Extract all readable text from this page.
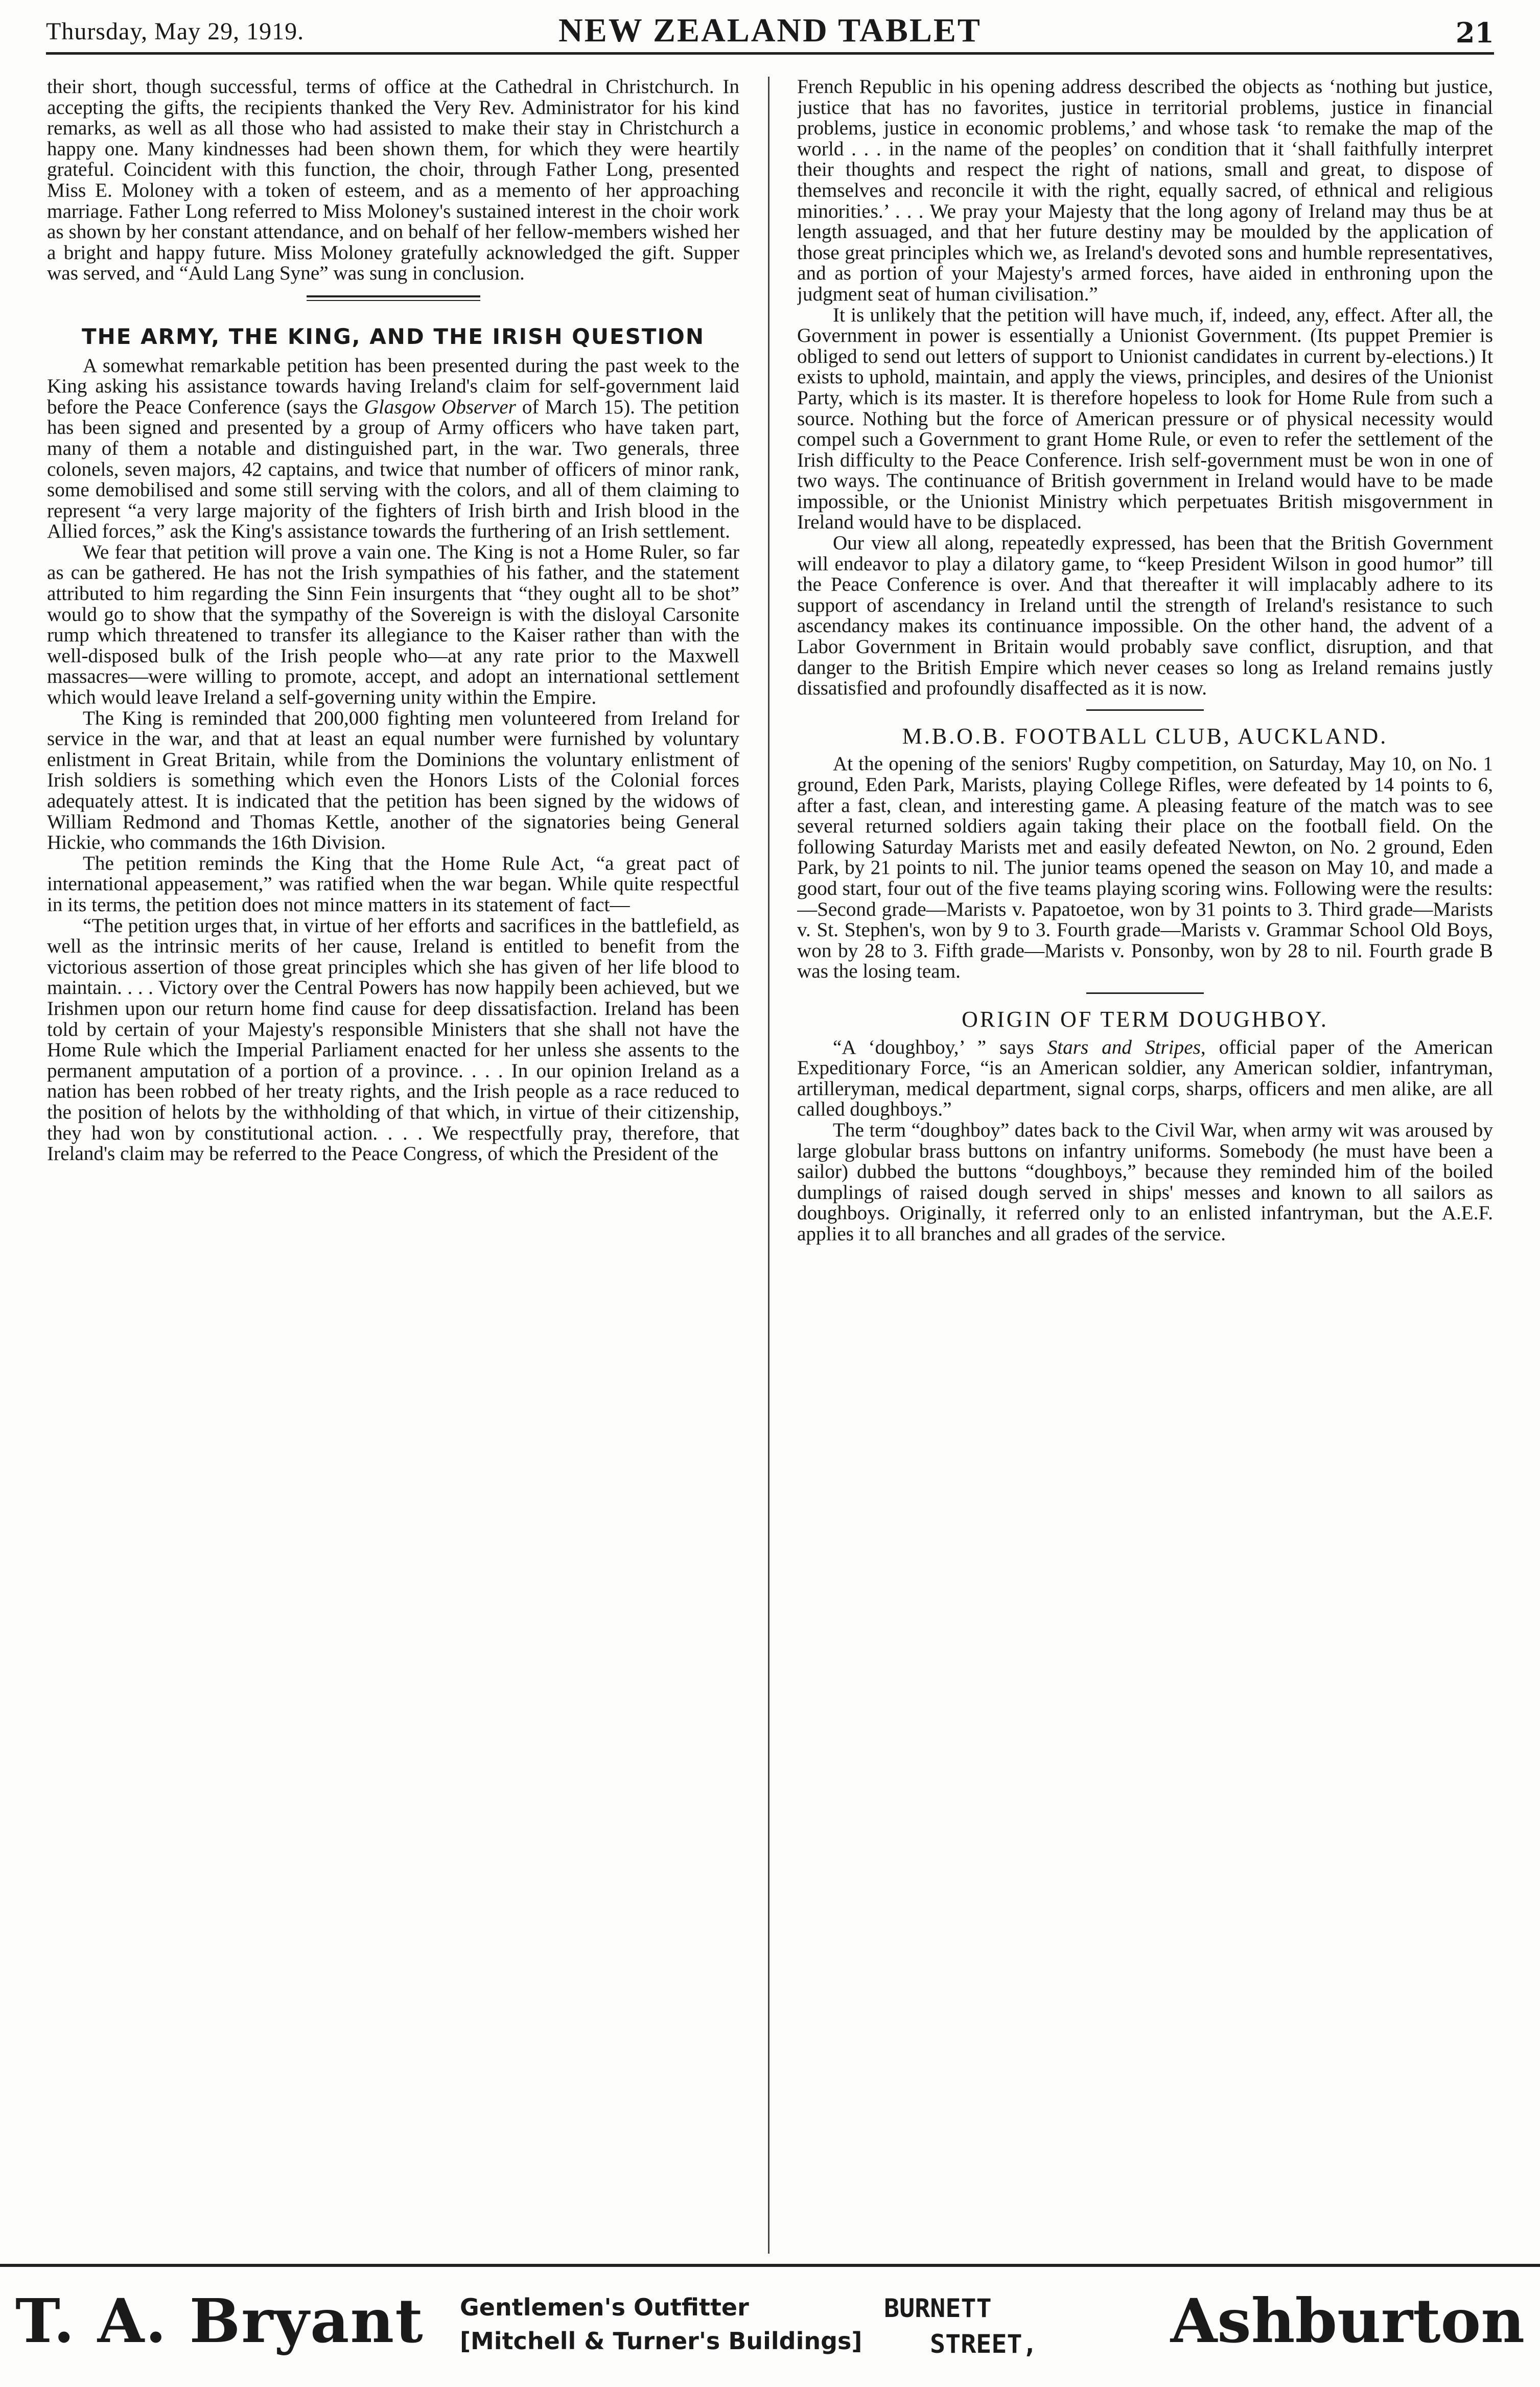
Thursday, May 29, 1919.	NEW ZEALAND TABLET	21

their short, though successful, terms of office at the Cathedral in Christchurch. In accepting the gifts, the recipients thanked the Very Rev. Administrator for his kind remarks, as well as all those who had assisted to make their stay in Christchurch a happy one. Many kindnesses had been shown them, for which they were heartily grateful. Coincident with this function, the choir, through Father Long, presented Miss E. Moloney with a token of esteem, and as a memento of her approaching marriage. Father Long referred to Miss Moloney's sustained interest in the choir work as shown by her constant attendance, and on behalf of her fellow-members wished her a bright and happy future. Miss Moloney gratefully acknowledged the gift. Supper was served, and “Auld Lang Syne” was sung in conclusion.

THE ARMY, THE KING, AND THE IRISH QUESTION

A somewhat remarkable petition has been presented during the past week to the King asking his assistance towards having Ireland's claim for self-government laid before the Peace Conference (says the Glasgow Observer of March 15). The petition has been signed and presented by a group of Army officers who have taken part, many of them a notable and distinguished part, in the war. Two generals, three colonels, seven majors, 42 captains, and twice that number of officers of minor rank, some demobilised and some still serving with the colors, and all of them claiming to represent “a very large majority of the fighters of Irish birth and Irish blood in the Allied forces,” ask the King's assistance towards the furthering of an Irish settlement.

We fear that petition will prove a vain one. The King is not a Home Ruler, so far as can be gathered. He has not the Irish sympathies of his father, and the statement attributed to him regarding the Sinn Fein insurgents that “they ought all to be shot” would go to show that the sympathy of the Sovereign is with the disloyal Carsonite rump which threatened to transfer its allegiance to the Kaiser rather than with the well-disposed bulk of the Irish people who—at any rate prior to the Maxwell massacres—were willing to promote, accept, and adopt an international settlement which would leave Ireland a self-governing unity within the Empire.

The King is reminded that 200,000 fighting men volunteered from Ireland for service in the war, and that at least an equal number were furnished by voluntary enlistment in Great Britain, while from the Dominions the voluntary enlistment of Irish soldiers is something which even the Honors Lists of the Colonial forces adequately attest. It is indicated that the petition has been signed by the widows of William Redmond and Thomas Kettle, another of the signatories being General Hickie, who commands the 16th Division.

The petition reminds the King that the Home Rule Act, “a great pact of international appeasement,” was ratified when the war began. While quite respectful in its terms, the petition does not mince matters in its statement of fact—

“The petition urges that, in virtue of her efforts and sacrifices in the battlefield, as well as the intrinsic merits of her cause, Ireland is entitled to benefit from the victorious assertion of those great principles which she has given of her life blood to maintain. . . . Victory over the Central Powers has now happily been achieved, but we Irishmen upon our return home find cause for deep dissatisfaction. Ireland has been told by certain of your Majesty's responsible Ministers that she shall not have the Home Rule which the Imperial Parliament enacted for her unless she assents to the permanent amputation of a portion of a province. . . . In our opinion Ireland as a nation has been robbed of her treaty rights, and the Irish people as a race reduced to the position of helots by the withholding of that which, in virtue of their citizenship, they had won by constitutional action. . . . We respectfully pray, therefore, that Ireland's claim may be referred to the Peace Congress, of which the President of the

French Republic in his opening address described the objects as ‘nothing but justice, justice that has no favorites, justice in territorial problems, justice in financial problems, justice in economic problems,’ and whose task ‘to remake the map of the world . . . in the name of the peoples’ on condition that it ‘shall faithfully interpret their thoughts and respect the right of nations, small and great, to dispose of themselves and reconcile it with the right, equally sacred, of ethnical and religious minorities.’ . . . We pray your Majesty that the long agony of Ireland may thus be at length assuaged, and that her future destiny may be moulded by the application of those great principles which we, as Ireland's devoted sons and humble representatives, and as portion of your Majesty's armed forces, have aided in enthroning upon the judgment seat of human civilisation.”

It is unlikely that the petition will have much, if, indeed, any, effect. After all, the Government in power is essentially a Unionist Government. (Its puppet Premier is obliged to send out letters of support to Unionist candidates in current by-elections.) It exists to uphold, maintain, and apply the views, principles, and desires of the Unionist Party, which is its master. It is therefore hopeless to look for Home Rule from such a source. Nothing but the force of American pressure or of physical necessity would compel such a Government to grant Home Rule, or even to refer the settlement of the Irish difficulty to the Peace Conference. Irish self-government must be won in one of two ways. The continuance of British government in Ireland would have to be made impossible, or the Unionist Ministry which perpetuates British misgovernment in Ireland would have to be displaced.

Our view all along, repeatedly expressed, has been that the British Government will endeavor to play a dilatory game, to “keep President Wilson in good humor” till the Peace Conference is over. And that thereafter it will implacably adhere to its support of ascendancy in Ireland until the strength of Ireland's resistance to such ascendancy makes its continuance impossible. On the other hand, the advent of a Labor Government in Britain would probably save conflict, disruption, and that danger to the British Empire which never ceases so long as Ireland remains justly dissatisfied and profoundly disaffected as it is now.

M.B.O.B. FOOTBALL CLUB, AUCKLAND.

At the opening of the seniors' Rugby competition, on Saturday, May 10, on No. 1 ground, Eden Park, Marists, playing College Rifles, were defeated by 14 points to 6, after a fast, clean, and interesting game. A pleasing feature of the match was to see several returned soldiers again taking their place on the football field. On the following Saturday Marists met and easily defeated Newton, on No. 2 ground, Eden Park, by 21 points to nil. The junior teams opened the season on May 10, and made a good start, four out of the five teams playing scoring wins. Following were the results:—Second grade—Marists v. Papatoetoe, won by 31 points to 3. Third grade—Marists v. St. Stephen's, won by 9 to 3. Fourth grade—Marists v. Grammar School Old Boys, won by 28 to 3. Fifth grade—Marists v. Ponsonby, won by 28 to nil. Fourth grade B was the losing team.

ORIGIN OF TERM DOUGHBOY.

“A ‘doughboy,’ ” says Stars and Stripes, official paper of the American Expeditionary Force, “is an American soldier, any American soldier, infantryman, artilleryman, medical department, signal corps, sharps, officers and men alike, are all called doughboys.”

The term “doughboy” dates back to the Civil War, when army wit was aroused by large globular brass buttons on infantry uniforms. Somebody (he must have been a sailor) dubbed the buttons “doughboys,” because they reminded him of the boiled dumplings of raised dough served in ships' messes and known to all sailors as doughboys. Originally, it referred only to an enlisted infantryman, but the A.E.F. applies it to all branches and all grades of the service.

T. A. Bryant Gentlemen's Outfitter
[Mitchell & Turner's Buildings]
BURNETT
STREET, Ashburton
